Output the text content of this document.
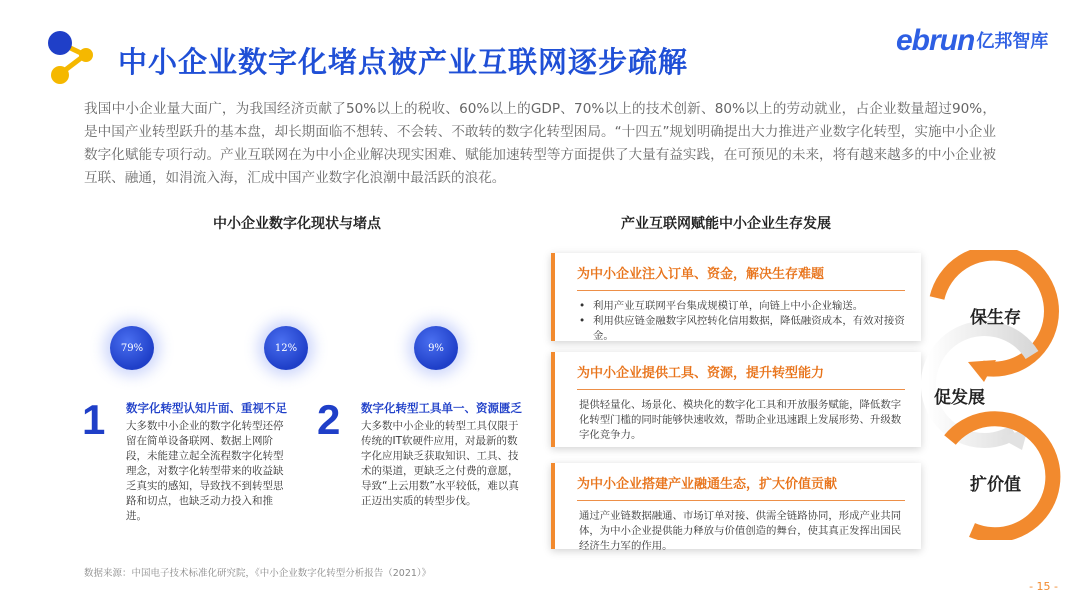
中小企业数字化堵点被产业互联网逐步疏解
ebrun 亿邦智库

我国中小企业量大面广，为我国经济贡献了50%以上的税收、60%以上的GDP、70%以上的技术创新、80%以上的劳动就业，占企业数量超过90%，是中国产业转型跃升的基本盘，却长期面临不想转、不会转、不敢转的数字化转型困局。“十四五”规划明确提出大力推进产业数字化转型，实施中小企业数字化赋能专项行动。产业互联网在为中小企业解决现实困难、赋能加速转型等方面提供了大量有益实践，在可预见的未来，将有越来越多的中小企业被互联、融通，如涓流入海，汇成中国产业数字化浪潮中最活跃的浪花。

中小企业数字化现状与堵点
79%	12%	9%
1 数字化转型认知片面、重视不足
大多数中小企业的数字化转型还停留在简单设备联网、数据上网阶段，未能建立起全流程数字化转型理念，对数字化转型带来的收益缺乏真实的感知，导致找不到转型思路和切点，也缺乏动力投入和推进。
2 数字化转型工具单一、资源匮乏
大多数中小企业的转型工具仅限于传统的IT软硬件应用，对最新的数字化应用缺乏获取知识、工具、技术的渠道，更缺乏之付费的意愿，导致“上云用数”水平较低，难以真正迈出实质的转型步伐。
产业互联网赋能中小企业生存发展
为中小企业注入订单、资金，解决生存难题
• 利用产业互联网平台集成规模订单，向链上中小企业输送。
• 利用供应链金融数字风控转化信用数据，降低融资成本，有效对接资金。
为中小企业提供工具、资源，提升转型能力
提供轻量化、场景化、模块化的数字化工具和开放服务赋能，降低数字化转型门槛的同时能够快速收效，帮助企业迅速跟上发展形势、升级数字化竞争力。
为中小企业搭建产业融通生态，扩大价值贡献
通过产业链数据融通、市场订单对接、供需全链路协同，形成产业共同体，为中小企业提供能力释放与价值创造的舞台，使其真正发挥出国民经济生力军的作用。
保生存
促发展
扩价值
数据来源：中国电子技术标准化研究院，《中小企业数字化转型分析报告（2021）》
- 15 -
